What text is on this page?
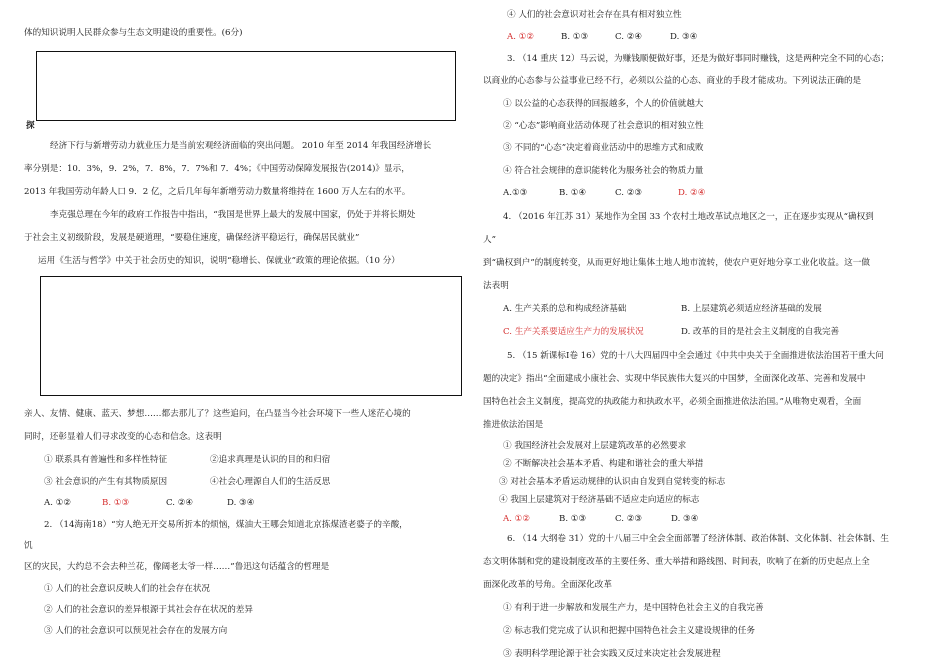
体的知识说明人民群众参与生态文明建设的重要性。(6分)
探
经济下行与新增劳动力就业压力是当前宏观经济面临的突出问题。 2010 年至 2014 年我国经济增长
率分别是：10．3%，9．2%，7．8%，7．7%和 7．4%；《中国劳动保障发展报告(2014)》显示，
2013 年我国劳动年龄人口 9．2 亿，之后几年每年新增劳动力数量将维持在 1600 万人左右的水平。
李克强总理在今年的政府工作报告中指出，“我国是世界上最大的发展中国家，仍处于并将长期处
于社会主义初级阶段，发展是硬道理，“要稳住速度，确保经济平稳运行，确保居民就业”
运用《生活与哲学》中关于社会历史的知识，说明“稳增长、保就业”政策的理论依据。（10 分）
亲人、友情、健康、蓝天、梦想……都去那儿了？这些追问，在凸显当今社会环境下一些人迷茫心境的
同时，还彰显着人们寻求改变的心态和信念。这表明
① 联系具有普遍性和多样性特征	②追求真理是认识的目的和归宿
③ 社会意识的产生有其物质原因	④社会心理源自人们的生活反思
A. ①②	B. ①③	C. ②④	D. ③④
2. （14海南18）“穷人绝无开交易所折本的烦恼，煤油大王哪会知道北京拣煤渣老婆子的辛酸，
饥
区的灾民，大约总不会去种兰花，像阔老太爷一样……”鲁迅这句话蕴含的哲理是
① 人们的社会意识反映人们的社会存在状况
② 人们的社会意识的差异根源于其社会存在状况的差异
③ 人们的社会意识可以预见社会存在的发展方向
④ 人们的社会意识对社会存在具有相对独立性
A. ①②	B. ①③	C. ②④	D. ③④
3. （14 重庆 12）马云说，为赚钱顺便做好事，还是为做好事同时赚钱，这是两种完全不同的心态；
以商业的心态参与公益事业已经不行，必须以公益的心态、商业的手段才能成功。下列说法正确的是
① 以公益的心态获得的回报越多，个人的价值就越大
② “心态”影响商业活动体现了社会意识的相对独立性
③ 不同的“心态”决定着商业活动中的思维方式和成败
④ 符合社会规律的意识能转化为服务社会的物质力量
A.①③	B. ①④	C. ②③	D. ②④
4. （2016 年江苏 31）某地作为全国 33 个农村土地改革试点地区之一，正在逐步实现从“确权到
人”
到“确权到户”的制度转变，从而更好地让集体土地人地市流转，使农户更好地分享工业化收益。这一做
法表明
A. 生产关系的总和构成经济基础	B. 上层建筑必须适应经济基础的发展
C. 生产关系要适应生产力的发展状况	D. 改革的目的是社会主义制度的自我完善
5. （15 新课标Ⅰ卷 16）党的十八大四届四中全会通过《中共中央关于全面推进依法治国若干重大问
题的决定》指出“全面建成小康社会、实现中华民族伟大复兴的中国梦，全面深化改革、完善和发展中
国特色社会主义制度，提高党的执政能力和执政水平，必须全面推进依法治国。”从唯物史观看，全面
推进依法治国是
① 我国经济社会发展对上层建筑改革的必然要求
② 不断解决社会基本矛盾、构建和谐社会的重大举措
③ 对社会基本矛盾运动规律的认识由自发到自觉转变的标志
④ 我国上层建筑对于经济基础不适应走向适应的标志
A. ①②	B. ①③	C. ②③	D. ③④
6. （14 大纲卷 31）党的十八届三中全会全面部署了经济体制、政治体制、文化体制、社会体制、生
态文明体制和党的建设制度改革的主要任务、重大举措和路线图、时间表，吹响了在新的历史起点上全
面深化改革的号角。全面深化改革
① 有利于进一步解放和发展生产力，是中国特色社会主义的自我完善
② 标志我们党完成了认识和把握中国特色社会主义建设规律的任务
③ 表明科学理论源于社会实践又反过来决定社会发展进程
